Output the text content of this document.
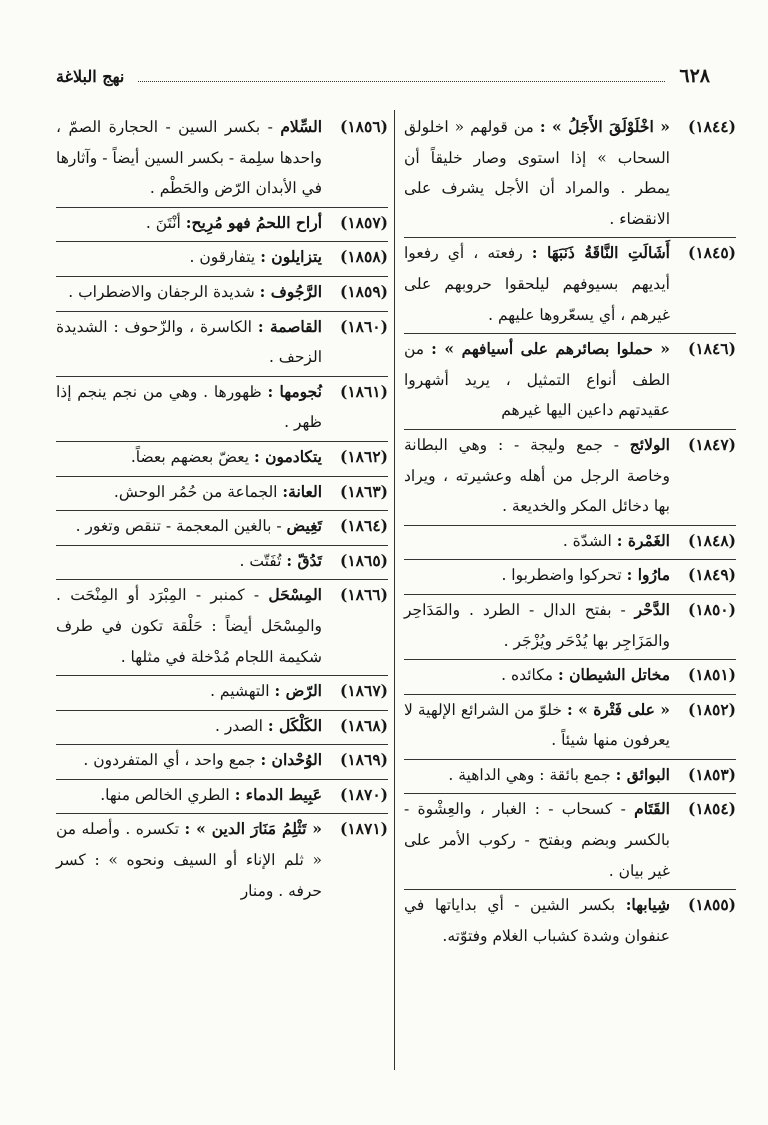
٦٢٨
نهج البلاغة

(١٨٤٤)« اخْلَوْلَقَ الأَجَلُ » : من قولهم « اخلولق السحاب » إذا استوى وصار خليقاً أن يمطر . والمراد أن الأجل يشرف على الانقضاء .

(١٨٤٥)أَشَالَتِ النَّاقَةُ ذَنَبَهَا : رفعته ، أي رفعوا أيديهم بسيوفهم ليلحقوا حروبهم على غيرهم ، أي يسعّروها عليهم .

(١٨٤٦)« حملوا بصائرهم على أسيافهم » : من الطف أنواع التمثيل ، يريد أشهروا عقيدتهم داعين اليها غيرهم

(١٨٤٧)الولائج - جمع وليجة - : وهي البطانة وخاصة الرجل من أهله وعشيرته ، ويراد بها دخائل المكر والخديعة .

(١٨٤٨)الغَمْرة : الشدّة .

(١٨٤٩)مارُوا : تحركوا واضطربوا .

(١٨٥٠)الدَّحْر - بفتح الدال - الطرد . والمَدَاحِر والمَزَاجِر بها يُدْحَر ويُزْجَر .

(١٨٥١)مخاتل الشيطان : مكائده .

(١٨٥٢)« على فَتْرة » : خلوّ من الشرائع الإلهية لا يعرفون منها شيئاً .

(١٨٥٣)البوائق : جمع بائقة : وهي الداهية .

(١٨٥٤)القَتَام - كسحاب - : الغبار ، والعِشْوة - بالكسر وبضم وبفتح - ركوب الأمر على غير بيان .

(١٨٥٥)شِيابها: بكسر الشين - أي بداياتها في عنفوان وشدة كشباب الغلام وفتوّته.

(١٨٥٦)السِّلام - بكسر السين - الحجارة الصمّ ، واحدها سلِمة - بكسر السين أيضاً - وآثارها في الأبدان الرّض والحَطْم .

(١٨٥٧)أراح اللحمُ فهو مُرِيح: أنْتَنَ .

(١٨٥٨)يتزايلون : يتفارقون .

(١٨٥٩)الرَّجُوف : شديدة الرجفان والاضطراب .

(١٨٦٠)القاصمة : الكاسرة ، والزّحوف : الشديدة الزحف .

(١٨٦١)نُجومها : ظهورها . وهي من نجم ينجم إذا ظهر .

(١٨٦٢)يتكادمون : يعضّ بعضهم بعضاً.

(١٨٦٣)العانة: الجماعة من حُمُر الوحش.

(١٨٦٤)تَغِيض - بالغين المعجمة - تنقص وتغور .

(١٨٦٥)تَدُقّ : تُفَتّت .

(١٨٦٦)المِسْحَل - كمنبر - المِبْرَد أو المِنْحَت . والمِسْحَل أيضاً : حَلْقة تكون في طرف شكيمة اللجام مُدْخلة في مثلها .

(١٨٦٧)الرّض : التهشيم .

(١٨٦٨)الكَلْكَل : الصدر .

(١٨٦٩)الوُحْدان : جمع واحد ، أي المتفردون .

(١٨٧٠)عَبِيط الدماء : الطري الخالص منها.

(١٨٧١)« تَثْلِمُ مَنَارَ الدين » : تكسره . وأصله من « ثلم الإناء أو السيف ونحوه » : كسر حرفه . ومنار
